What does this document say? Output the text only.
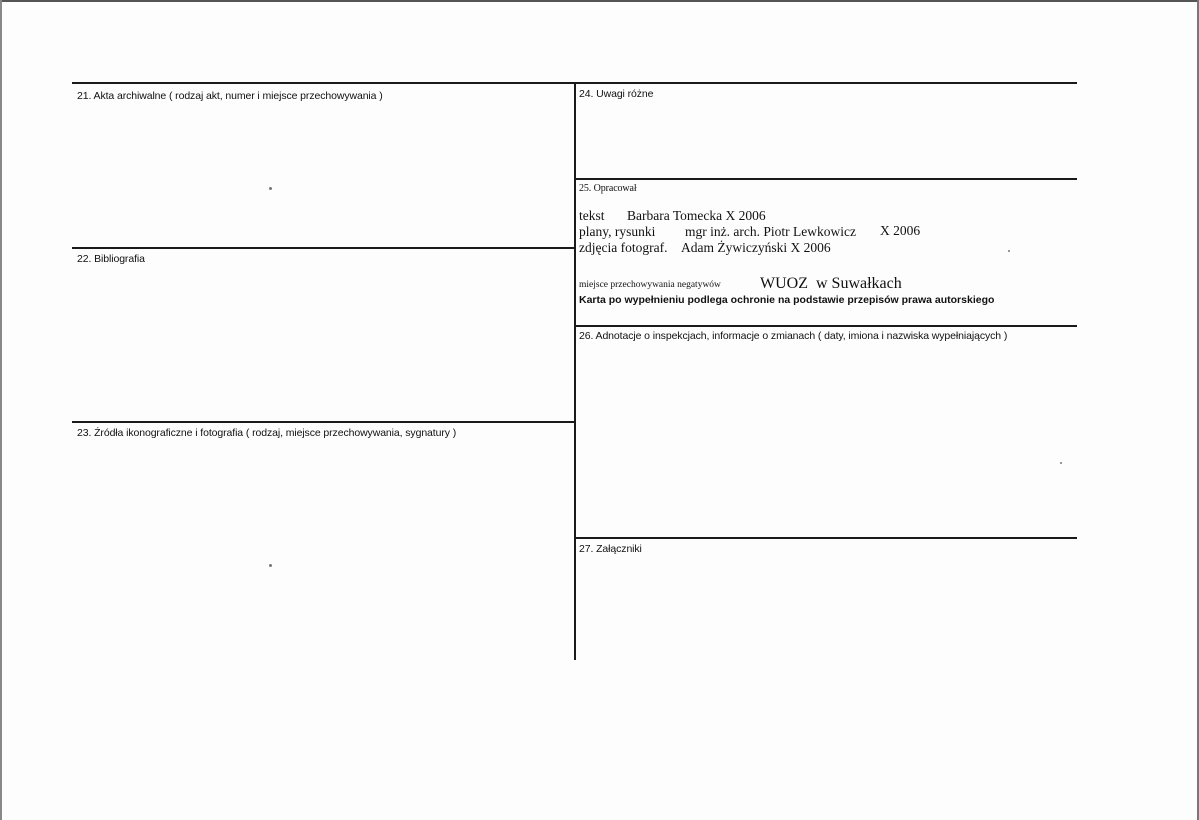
21. Akta archiwalne ( rodzaj akt, numer i miejsce przechowywania )
22. Bibliografia
23. Źródła ikonograficzne i fotografia ( rodzaj, miejsce przechowywania, sygnatury )
24. Uwagi różne
25. Opracował
26. Adnotacje o inspekcjach, informacje o zmianach ( daty, imiona i nazwiska wypełniających )
27. Załączniki
tekst Barbara Tomecka X 2006
plany, rysunki mgr inż. arch. Piotr Lewkowicz X 2006
zdjęcia fotograf. Adam Żywiczyński X 2006
miejsce przechowywania negatywów WUOZ  w Suwałkach
Karta po wypełnieniu podlega ochronie na podstawie przepisów prawa autorskiego
